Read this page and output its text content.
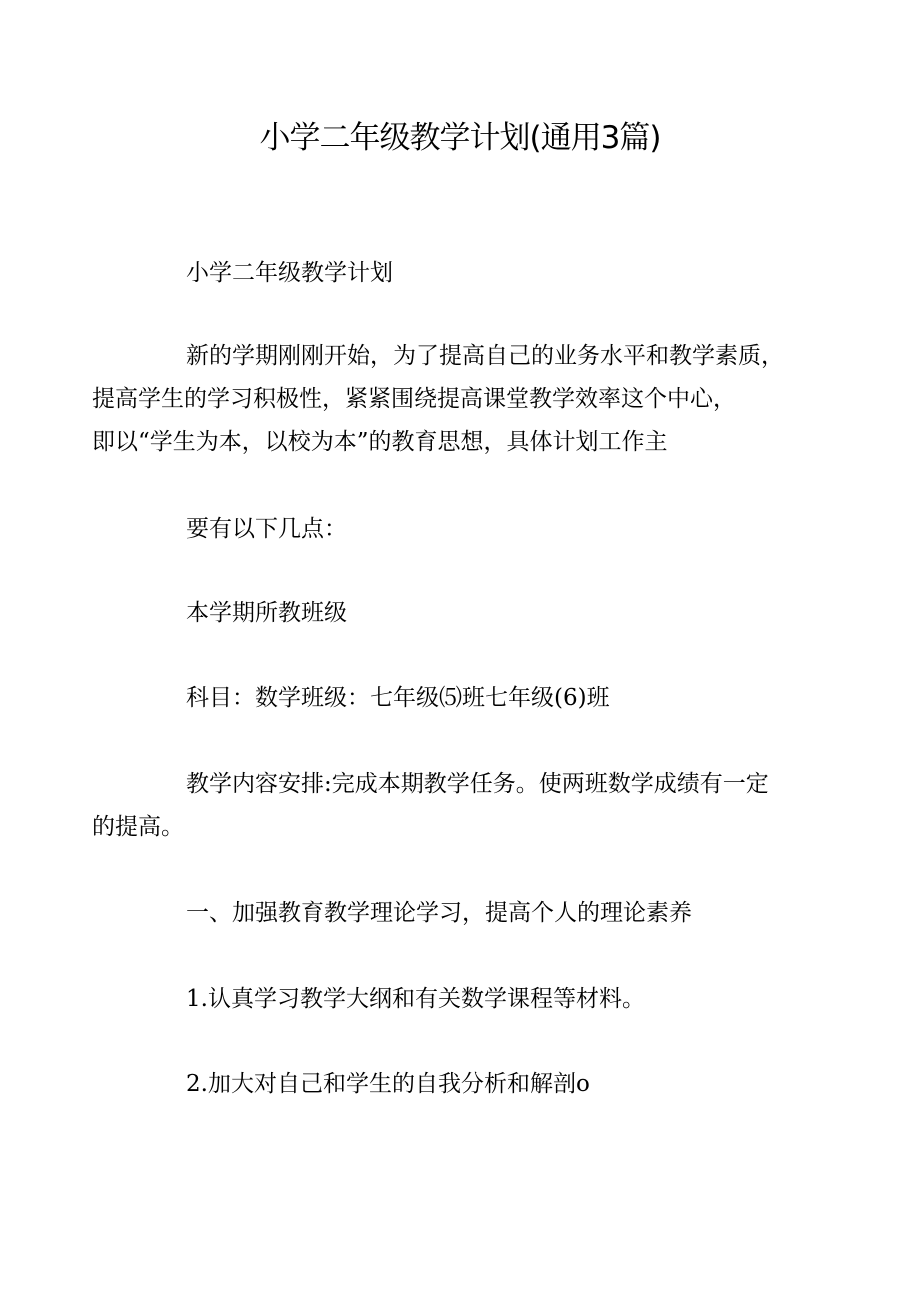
小学二年级教学计划(通用3篇)

小学二年级教学计划

新的学期刚刚开始，为了提高自己的业务水平和教学素质，
提高学生的学习积极性，紧紧围绕提高课堂教学效率这个中心，
即以“学生为本，以校为本”的教育思想，具体计划工作主

要有以下几点：

本学期所教班级

科目：数学班级：七年级⑸班七年级(6)班

教学内容安排:完成本期教学任务。使两班数学成绩有一定
的提高。

一、加强教育教学理论学习，提高个人的理论素养

1.认真学习教学大纲和有关数学课程等材料。

2.加大对自己和学生的自我分析和解剖o
